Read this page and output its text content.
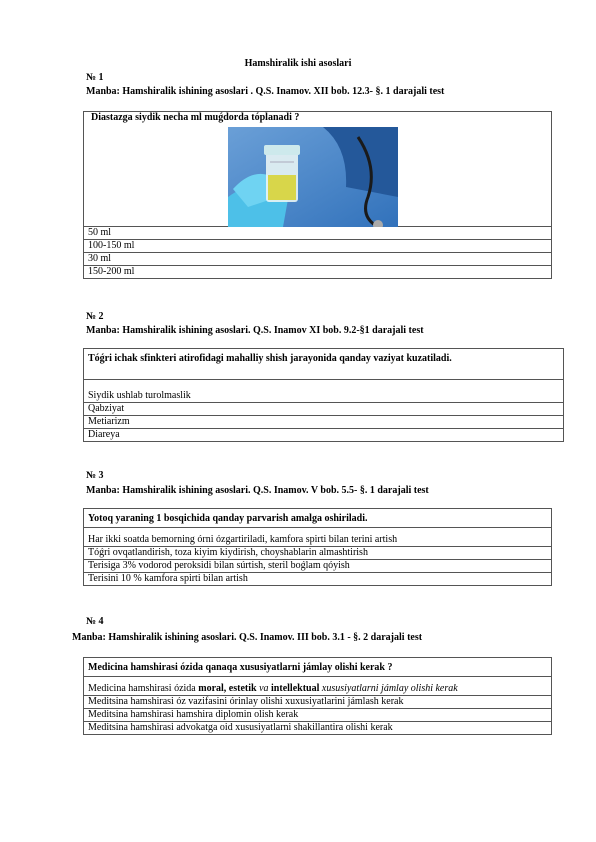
Hamshiralik ishi asoslari
№ 1
Manba: Hamshiralik ishining asoslari . Q.S. Inamov. XII bob. 12.3- §. 1 darajali test
Diastazga siydik necha ml muǵdorda tóplanadi ?
50 ml
100-150 ml
30 ml
150-200 ml
№ 2
Manba: Hamshiralik ishining asoslari. Q.S. Inamov XI bob. 9.2-§1 darajali test
Tóǵri ichak sfinkteri atirofidagi mahalliy shish jarayonida qanday vaziyat kuzatiladi.
Siydik ushlab turolmaslik
Qabziyat
Metiarizm
Diareya
№ 3
Manba: Hamshiralik ishining asoslari. Q.S. Inamov. V bob. 5.5- §. 1 darajali test
Yotoq yaraning 1 bosqichida qanday parvarish amalga oshiriladi.
Har ikki soatda bemorning órni ózgartiriladi, kamfora spirti bilan terini artish
Tóǵri ovqatlandirish, toza kiyim kiydirish, choyshablarin almashtirish
Terisiga 3% vodorod peroksidi bilan súrtish, steril boǵlam qóyish
Terisini 10 % kamfora spirti bilan artish
№ 4
Manba: Hamshiralik ishining asoslari. Q.S. Inamov. III bob. 3.1 - §. 2 darajali test
Medicina hamshirasi ózida qanaqa xususiyatlarni jámlay olishi kerak ?
Medicina hamshirasi ózida moral, estetik va intellektual xususiyatlarni jámlay olishi kerak
Meditsina hamshirasi óz vazifasini órinlay olishi xuxusiyatlarini jámlash kerak
Meditsina hamshirasi hamshira diplomin olish kerak
Meditsina hamshirasi advokatga oid xususiyatlarni shakillantira olishi kerak
